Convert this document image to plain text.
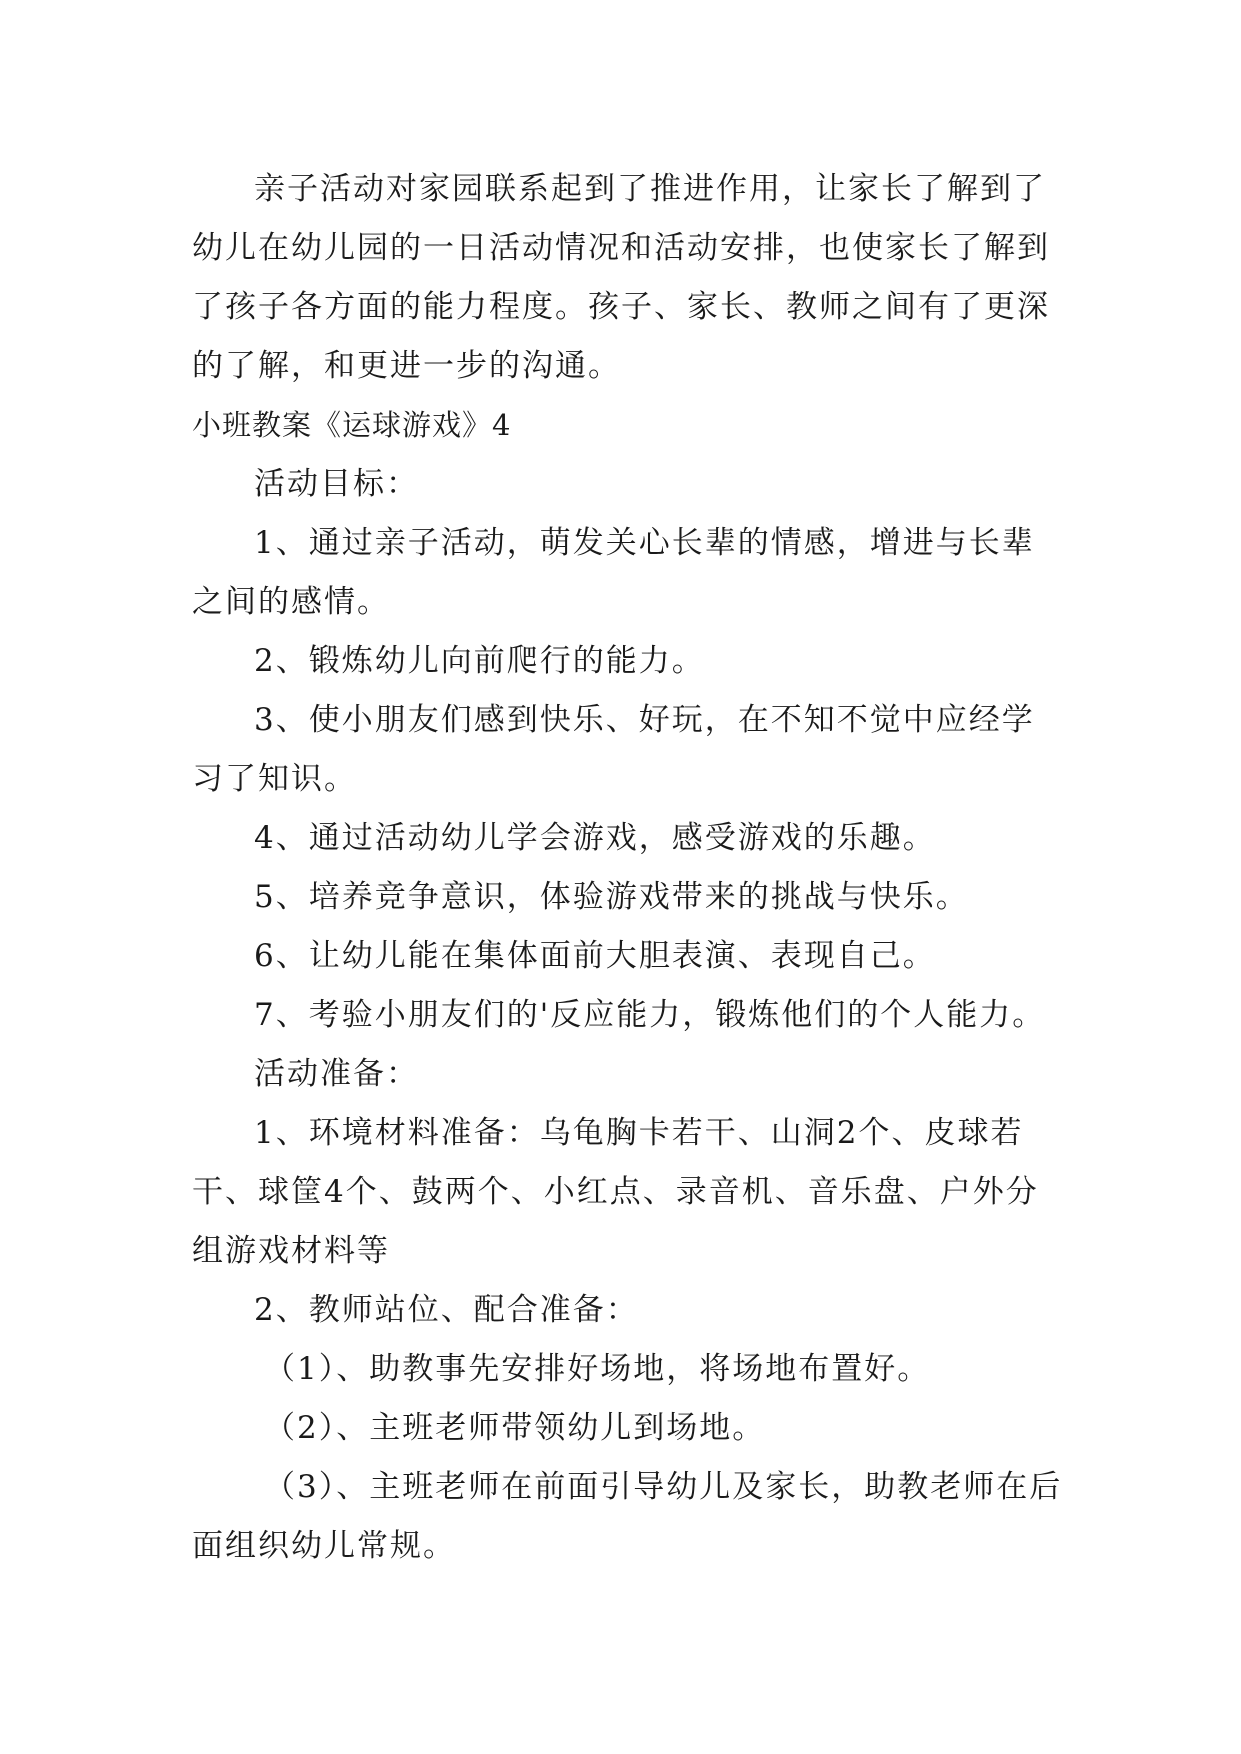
亲子活动对家园联系起到了推进作用，让家长了解到了
幼儿在幼儿园的一日活动情况和活动安排，也使家长了解到
了孩子各方面的能力程度。孩子、家长、教师之间有了更深
的了解，和更进一步的沟通。
小班教案《运球游戏》4
活动目标：
1、通过亲子活动，萌发关心长辈的情感，增进与长辈
之间的感情。
2、锻炼幼儿向前爬行的能力。
3、使小朋友们感到快乐、好玩，在不知不觉中应经学
习了知识。
4、通过活动幼儿学会游戏，感受游戏的乐趣。
5、培养竞争意识，体验游戏带来的挑战与快乐。
6、让幼儿能在集体面前大胆表演、表现自己。
7、考验小朋友们的'反应能力，锻炼他们的个人能力。
活动准备：
1、环境材料准备：乌龟胸卡若干、山洞2个、皮球若
干、球筐4个、鼓两个、小红点、录音机、音乐盘、户外分
组游戏材料等
2、教师站位、配合准备：
（1）、助教事先安排好场地，将场地布置好。
（2）、主班老师带领幼儿到场地。
（3）、主班老师在前面引导幼儿及家长，助教老师在后
面组织幼儿常规。
